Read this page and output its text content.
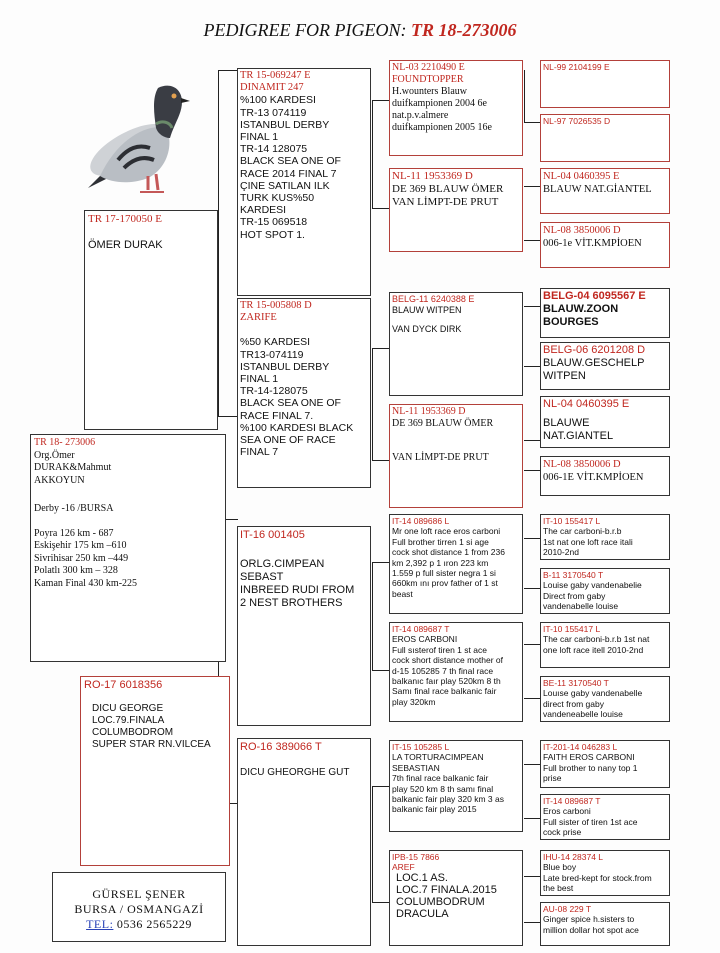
PEDIGREE FOR PIGEON: TR 18-273006
TR 18- 273006
Org.Ömer
DURAK&Mahmut
AKKOYUN
Derby -16 /BURSA
Poyra 126 km - 687
Eskişehir 175 km –610
Sivrihisar 250 km –449
Polatlı 300 km – 328
Kaman Final 430 km-225
TR 17-170050 E
ÖMER DURAK
RO-17 6018356
DICU GEORGE
LOC.79.FINALA
COLUMBODROM
SUPER STAR RN.VILCEA
GÜRSEL ŞENER
BURSA / OSMANGAZİ
TEL: 0536 2565229
TR 15-069247 E
DINAMIT 247
%100 KARDESI
TR-13 074119
ISTANBUL DERBY
FINAL 1
TR-14 128075
BLACK SEA ONE OF
RACE 2014 FINAL 7
ÇINE SATILAN ILK
TURK KUS%50
KARDESI
TR-15 069518
HOT SPOT 1.
TR 15-005808 D
ZARIFE
%50 KARDESI
TR13-074119
ISTANBUL DERBY
FINAL 1
TR-14-128075
BLACK SEA ONE OF
RACE FINAL 7.
%100 KARDESI BLACK
SEA ONE OF RACE
FINAL 7
IT-16 001405
ORLG.CIMPEAN
SEBAST
INBREED RUDI FROM
2 NEST BROTHERS
RO-16 389066 T
DICU GHEORGHE GUT
NL-03 2210490 E
FOUNDTOPPER
H.wounters Blauw
duifkampionen 2004 6e
nat.p.v.almere
duifkampionen 2005 16e
NL-11 1953369 D
DE 369 BLAUW ÖMER
VAN LİMPT-DE PRUT
BELG-11 6240388 E
BLAUW WITPEN
VAN DYCK DIRK
NL-11 1953369 D
DE 369 BLAUW ÖMER
VAN LİMPT-DE PRUT
IT-14 089686 L
Mr one loft race eros carboni
Full brother tirren 1 si age
cock shot distance 1 from 236
km 2,392 p 1 ıron 223 km
1.559 p full sister negra 1 si
660km ını prov father of 1 st
beast
IT-14 089687 T
EROS CARBONI
Full sısterof tiren 1 st ace
cock short distance mother of
d-15 105285 7 th final race
balkanıc faır play 520km 8 th
Samı final race balkanic fair
play 320km
IT-15 105285 L
LA TORTURACIMPEAN
SEBASTIAN
7th final race balkanic fair
play 520 km 8 th samı final
balkanic fair play 320 km 3 as
balkanic fair play 2015
IPB-15 7866
AREF
LOC.1 AS.
LOC.7 FINALA.2015
COLUMBODRUM
DRACULA
NL-99 2104199 E
NL-97 7026535 D
NL-04 0460395 E
BLAUW NAT.GİANTEL
NL-08 3850006 D
006-1e VİT.KMPİOEN
BELG-04 6095567 E
BLAUW.ZOON
BOURGES
BELG-06 6201208 D
BLAUW.GESCHELP
WITPEN
NL-04 0460395 E
BLAUWE
NAT.GIANTEL
NL-08 3850006 D
006-1E VİT.KMPİOEN
IT-10 155417 L
The car carboni-b.r.b
1st nat one loft race itali
2010-2nd
B-11 3170540 T
Louise gaby vandenabelie
Direct from gaby
vandenabelle louise
IT-10 155417 L
The car carboni-b.r.b 1st nat
one loft race itell 2010-2nd
BE-11 3170540 T
Louıse gaby vandenabelle
direct from gaby
vandeneabelle louise
IT-201-14 046283 L
FAITH EROS CARBONI
Full brother to nany top 1
prise
IT-14 089687 T
Eros carboni
Full sister of tiren 1st ace
cock prise
IHU-14 28374 L
Blue boy
Late bred-kept for stock.from
the best
AU-08 229 T
Ginger spice h.sisters to
million dollar hot spot ace
